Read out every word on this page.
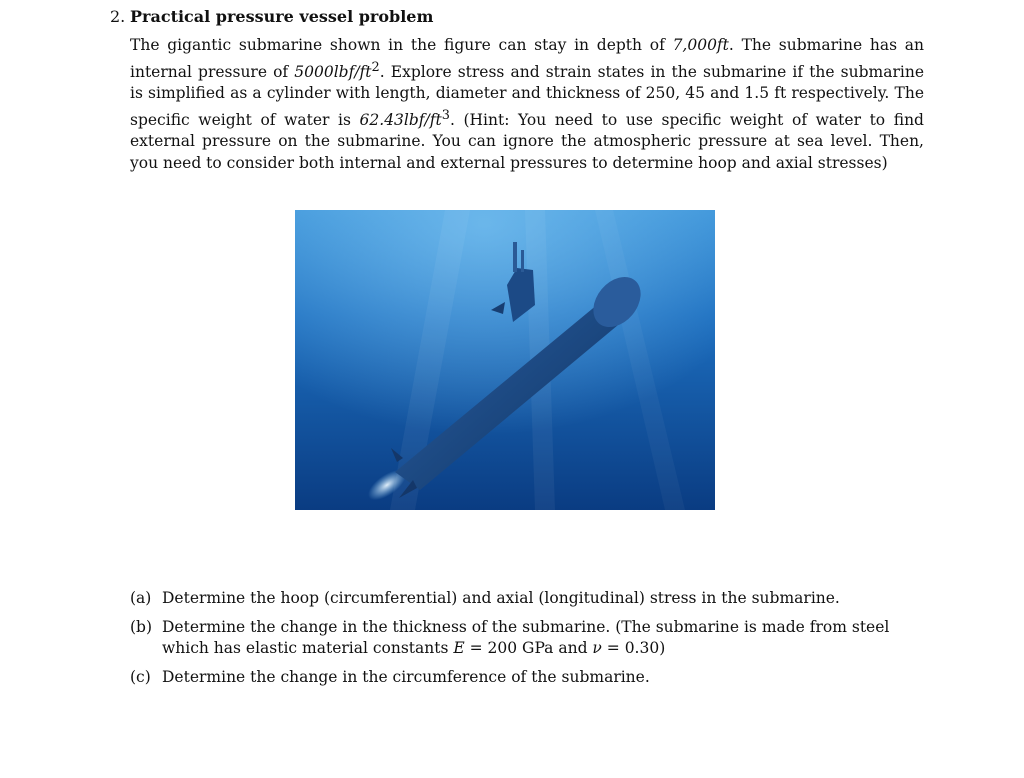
2. Practical pressure vessel problem
The gigantic submarine shown in the figure can stay in depth of 7,000ft. The submarine has an internal pressure of $5000lbf/ft^2$. Explore stress and strain states in the submarine if the submarine is simplified as a cylinder with length, diameter and thickness of 250, 45 and 1.5 ft respectively. The specific weight of water is $62.43lbf/ft^3$. (Hint: You need to use specific weight of water to find external pressure on the submarine. You can ignore the atmospheric pressure at sea level. Then, you need to consider both internal and external pressures to determine hoop and axial stresses)
(a) Determine the hoop (circumferential) and axial (longitudinal) stress in the submarine.
(b) Determine the change in the thickness of the submarine. (The submarine is made from steel which has elastic material constants E = 200 GPa and ν = 0.30)
(c) Determine the change in the circumference of the submarine.
